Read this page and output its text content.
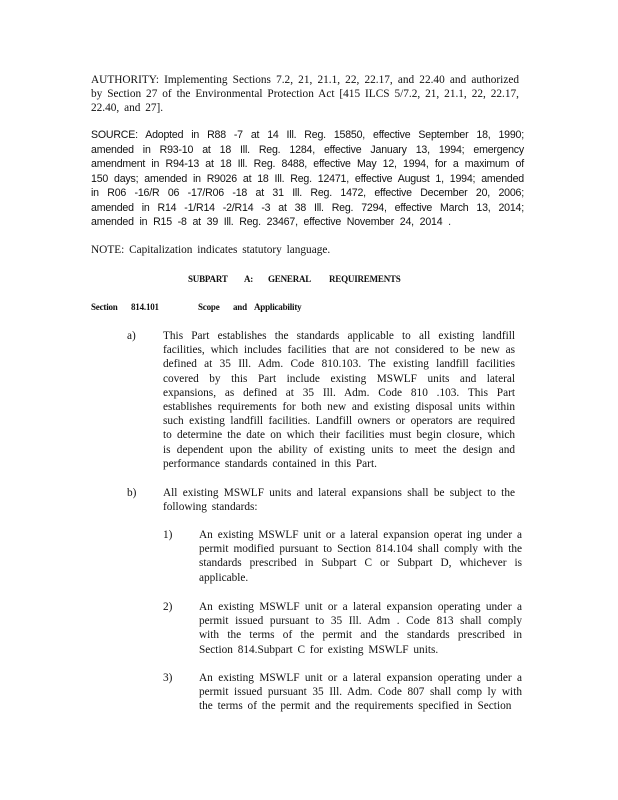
AUTHORITY: Implementing Sections 7.2, 21, 21.1, 22, 22.17, and 22.40 and authorized by Section 27 of the Environmental Protection Act [415 ILCS 5/7.2, 21, 21.1, 22, 22.17, 22.40, and 27].

SOURCE: Adopted in R88 -7 at 14 Ill. Reg. 15850, effective September 18, 1990; amended in R93-10 at 18 Ill. Reg. 1284, effective January 13, 1994; emergency amendment in R94-13 at 18 Ill. Reg. 8488, effective May 12, 1994, for a maximum of 150 days; amended in R9026 at 18 Ill. Reg. 12471, effective August 1, 1994; amended in R06 -16/R 06 -17/R06 -18 at 31 Ill. Reg. 1472, effective December 20, 2006; amended in R14 -1/R14 -2/R14 -3 at 38 Ill. Reg. 7294, effective March 13, 2014; amended in R15 -8 at 39 Ill. Reg. 23467, effective November 24, 2014 .

NOTE: Capitalization indicates statutory language.

SUBPART A: GENERAL REQUIREMENTS
Section 814.101	Scope and Applicability
a) This Part establishes the standards applicable to all existing landfill facilities, which includes facilities that are not considered to be new as defined at 35 Ill. Adm. Code 810.103. The existing landfill facilities covered by this Part include existing MSWLF units and lateral expansions, as defined at 35 Ill. Adm. Code 810 .103. This Part establishes requirements for both new and existing disposal units within such existing landfill facilities. Landfill owners or operators are required to determine the date on which their facilities must begin closure, which is dependent upon the ability of existing units to meet the design and performance standards contained in this Part.

b) All existing MSWLF units and lateral expansions shall be subject to the following standards:

1) An existing MSWLF unit or a lateral expansion operat ing under a permit modified pursuant to Section 814.104 shall comply with the standards prescribed in Subpart C or Subpart D, whichever is applicable.

2) An existing MSWLF unit or a lateral expansion operating under a permit issued pursuant to 35 Ill. Adm . Code 813 shall comply with the terms of the permit and the standards prescribed in Section 814.Subpart C for existing MSWLF units.

3) An existing MSWLF unit or a lateral expansion operating under a permit issued pursuant 35 Ill. Adm. Code 807 shall comp ly with the terms of the permit and the requirements specified in Section
